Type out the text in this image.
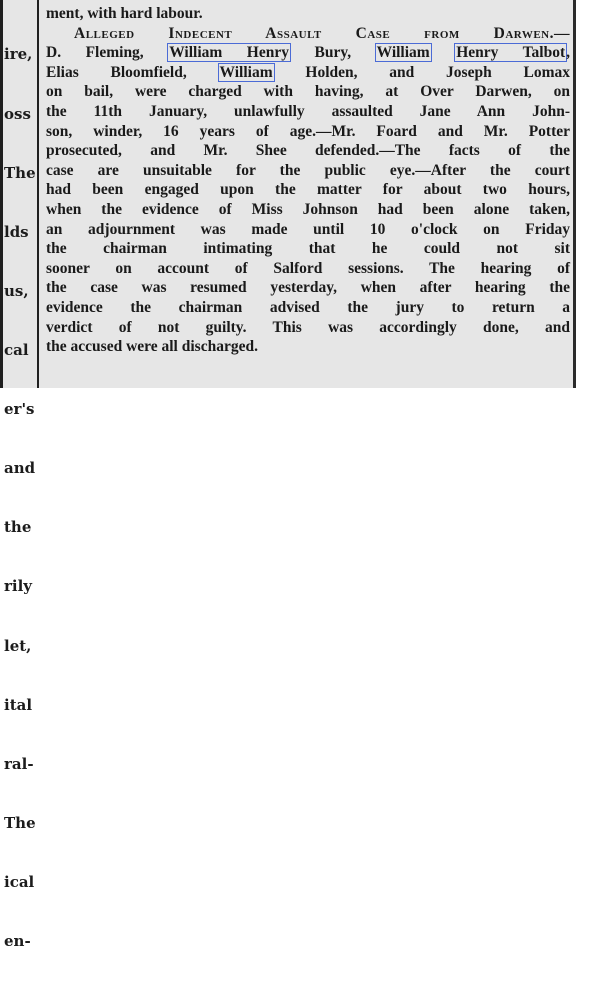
ire,

oss

The

lds

us,

cal

er's

and

the

rily

let,

ital

ral-

The

ical

en-

ment, with hard labour.
Alleged Indecent Assault Case from Darwen.—
D. Fleming, William Henry Bury, William Henry Talbot,
Elias Bloomfield, William Holden, and Joseph Lomax
on bail, were charged with having, at Over Darwen, on
the 11th January, unlawfully assaulted Jane Ann John-
son, winder, 16 years of age.—Mr. Foard and Mr. Potter
prosecuted, and Mr. Shee defended.—The facts of the
case are unsuitable for the public eye.—After the court
had been engaged upon the matter for about two hours,
when the evidence of Miss Johnson had been alone taken,
an adjournment was made until 10 o'clock on Friday
the chairman intimating that he could not sit
sooner on account of Salford sessions. The hearing of
the case was resumed yesterday, when after hearing the
evidence the chairman advised the jury to return a
verdict of not guilty. This was accordingly done, and
the accused were all discharged.
